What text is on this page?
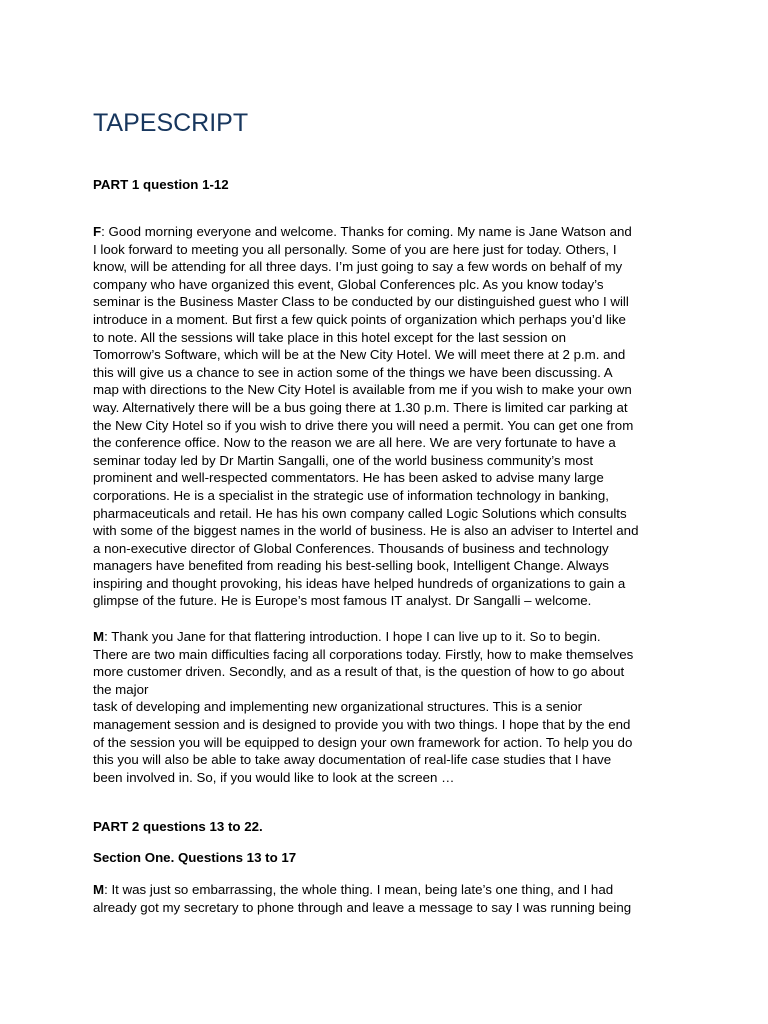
TAPESCRIPT

PART 1 question 1-12

F: Good morning everyone and welcome. Thanks for coming. My name is Jane Watson and
I look forward to meeting you all personally. Some of you are here just for today. Others, I
know, will be attending for all three days. I’m just going to say a few words on behalf of my
company who have organized this event, Global Conferences plc. As you know today’s
seminar is the Business Master Class to be conducted by our distinguished guest who I will
introduce in a moment. But first a few quick points of organization which perhaps you’d like
to note. All the sessions will take place in this hotel except for the last session on
Tomorrow’s Software, which will be at the New City Hotel. We will meet there at 2 p.m. and
this will give us a chance to see in action some of the things we have been discussing. A
map with directions to the New City Hotel is available from me if you wish to make your own
way. Alternatively there will be a bus going there at 1.30 p.m. There is limited car parking at
the New City Hotel so if you wish to drive there you will need a permit. You can get one from
the conference office. Now to the reason we are all here. We are very fortunate to have a
seminar today led by Dr Martin Sangalli, one of the world business community’s most
prominent and well-respected commentators. He has been asked to advise many large
corporations. He is a specialist in the strategic use of information technology in banking,
pharmaceuticals and retail. He has his own company called Logic Solutions which consults
with some of the biggest names in the world of business. He is also an adviser to Intertel and
a non-executive director of Global Conferences. Thousands of business and technology
managers have benefited from reading his best-selling book, Intelligent Change. Always
inspiring and thought provoking, his ideas have helped hundreds of organizations to gain a
glimpse of the future. He is Europe’s most famous IT analyst. Dr Sangalli – welcome.

M: Thank you Jane for that flattering introduction. I hope I can live up to it. So to begin.
There are two main difficulties facing all corporations today. Firstly, how to make themselves
more customer driven. Secondly, and as a result of that, is the question of how to go about
the major
task of developing and implementing new organizational structures. This is a senior
management session and is designed to provide you with two things. I hope that by the end
of the session you will be equipped to design your own framework for action. To help you do
this you will also be able to take away documentation of real-life case studies that I have
been involved in. So, if you would like to look at the screen …

PART 2 questions 13 to 22.

Section One. Questions 13 to 17

M: It was just so embarrassing, the whole thing. I mean, being late’s one thing, and I had
already got my secretary to phone through and leave a message to say I was running being
